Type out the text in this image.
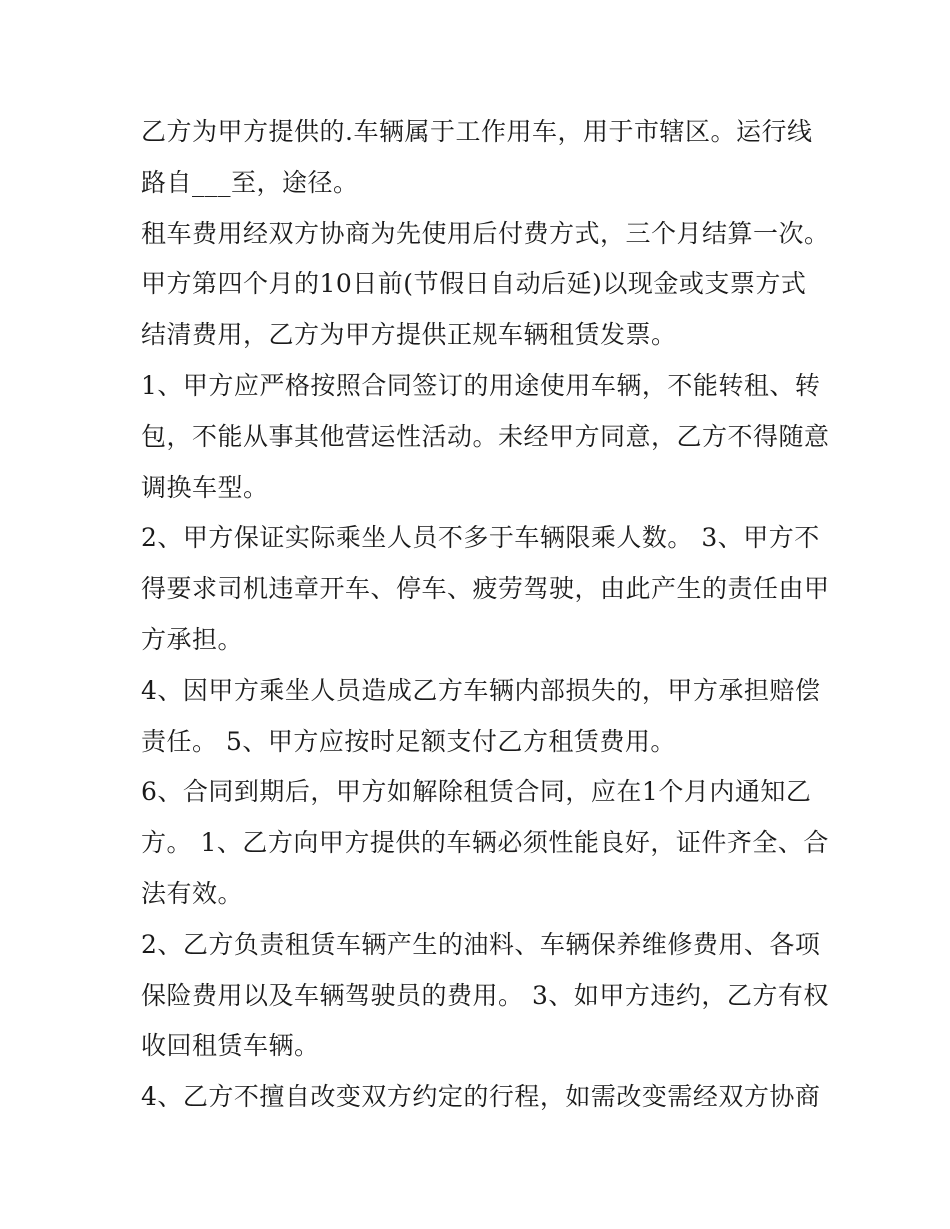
乙方为甲方提供的.车辆属于工作用车，用于市辖区。运行线
路自___至，途径。
租车费用经双方协商为先使用后付费方式，三个月结算一次。
甲方第四个月的10日前(节假日自动后延)以现金或支票方式
结清费用，乙方为甲方提供正规车辆租赁发票。
1、甲方应严格按照合同签订的用途使用车辆，不能转租、转
包，不能从事其他营运性活动。未经甲方同意，乙方不得随意
调换车型。
2、甲方保证实际乘坐人员不多于车辆限乘人数。 3、甲方不
得要求司机违章开车、停车、疲劳驾驶，由此产生的责任由甲
方承担。
4、因甲方乘坐人员造成乙方车辆内部损失的，甲方承担赔偿
责任。 5、甲方应按时足额支付乙方租赁费用。
6、合同到期后，甲方如解除租赁合同，应在1个月内通知乙
方。 1、乙方向甲方提供的车辆必须性能良好，证件齐全、合
法有效。
2、乙方负责租赁车辆产生的油料、车辆保养维修费用、各项
保险费用以及车辆驾驶员的费用。 3、如甲方违约，乙方有权
收回租赁车辆。
4、乙方不擅自改变双方约定的行程，如需改变需经双方协商
